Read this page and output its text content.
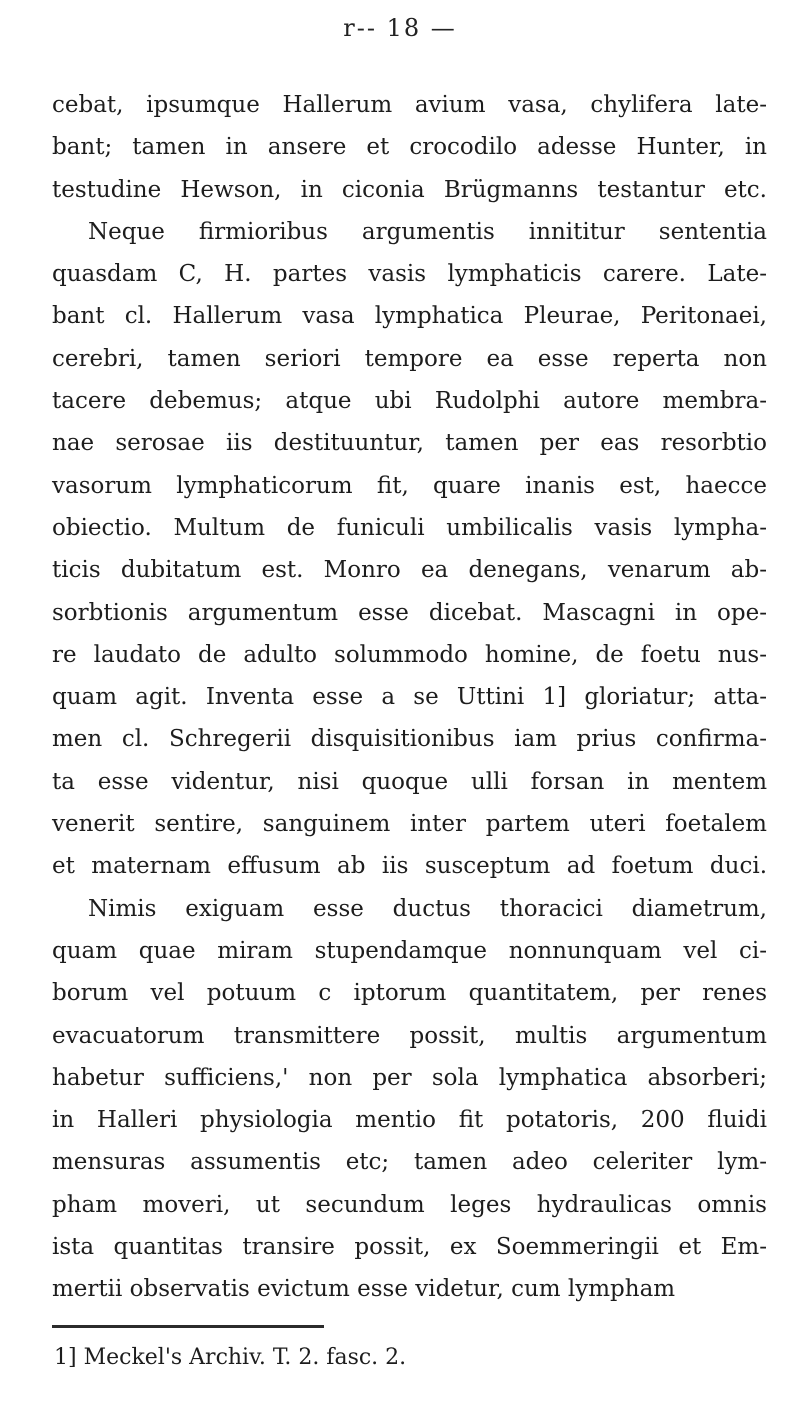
r-- 18 —
cebat, ipsumque Hallerum avium vasa, chylifera late-
bant; tamen in ansere et crocodilo adesse Hunter, in
testudine Hewson, in ciconia Brügmanns testantur etc.
Neque firmioribus argumentis innititur sententia
quasdam C, H. partes vasis lymphaticis carere. Late-
bant cl. Hallerum vasa lymphatica Pleurae, Peritonaei,
cerebri, tamen seriori tempore ea esse reperta non
tacere debemus; atque ubi Rudolphi autore membra-
nae serosae iis destituuntur, tamen per eas resorbtio
vasorum lymphaticorum fit, quare inanis est, haecce
obiectio. Multum de funiculi umbilicalis vasis lympha-
ticis dubitatum est. Monro ea denegans, venarum ab-
sorbtionis argumentum esse dicebat. Mascagni in ope-
re laudato de adulto solummodo homine, de foetu nus-
quam agit. Inventa esse a se Uttini 1] gloriatur; atta-
men cl. Schregerii disquisitionibus iam prius confirma-
ta esse videntur, nisi quoque ulli forsan in mentem
venerit sentire, sanguinem inter partem uteri foetalem
et maternam effusum ab iis susceptum ad foetum duci.
Nimis exiguam esse ductus thoracici diametrum,
quam quae miram stupendamque nonnunquam vel ci-
borum vel potuum c iptorum quantitatem, per renes
evacuatorum transmittere possit, multis argumentum
habetur sufficiens,' non per sola lymphatica absorberi;
in Halleri physiologia mentio fit potatoris, 200 fluidi
mensuras assumentis etc; tamen adeo celeriter lym-
pham moveri, ut secundum leges hydraulicas omnis
ista quantitas transire possit, ex Soemmeringii et Em-
mertii observatis evictum esse videtur, cum lympham
1] Meckel's Archiv. T. 2. fasc. 2.
